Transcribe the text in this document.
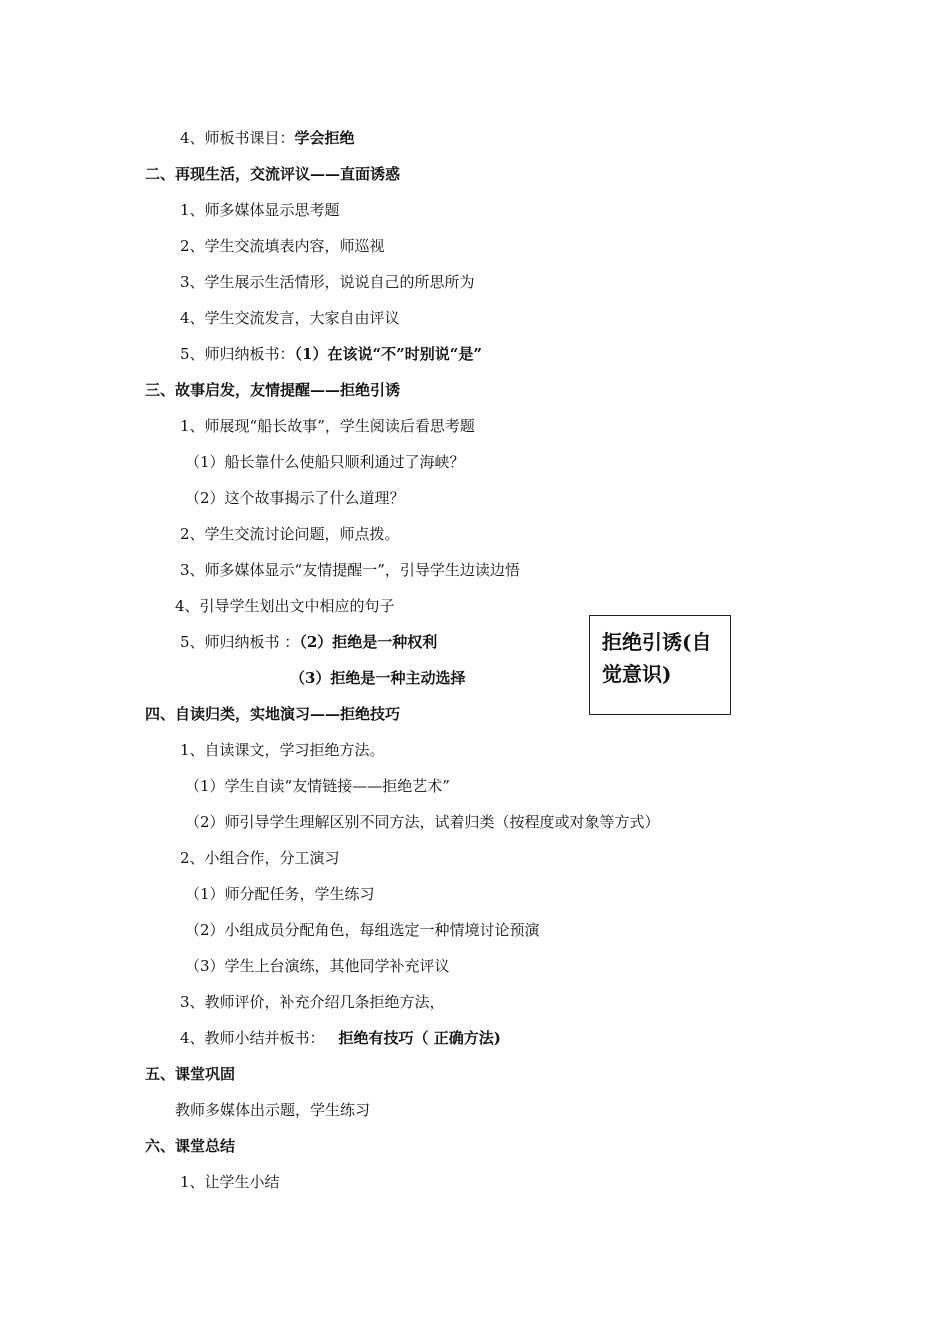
4、师板书课目：学会拒绝
二、再现生活，交流评议——直面诱惑
1、师多媒体显示思考题
2、学生交流填表内容，师巡视
3、学生展示生活情形，说说自己的所思所为
4、学生交流发言，大家自由评议
5、师归纳板书：（1）在该说“不”时别说“是”
三、故事启发，友情提醒——拒绝引诱
1、师展现“船长故事”，学生阅读后看思考题
（1）船长靠什么使船只顺利通过了海峡？
（2）这个故事揭示了什么道理？
2、学生交流讨论问题，师点拨。
3、师多媒体显示“友情提醒一”，引导学生边读边悟
4、引导学生划出文中相应的句子
5、师归纳板书 ：（2）拒绝是一种权利
（3）拒绝是一种主动选择
四、自读归类，实地演习——拒绝技巧
1、自读课文，学习拒绝方法。
（1）学生自读“友情链接——拒绝艺术”
（2）师引导学生理解区别不同方法，试着归类（按程度或对象等方式）
2、小组合作，分工演习
（1）师分配任务，学生练习
（2）小组成员分配角色，每组选定一种情境讨论预演
（3）学生上台演练，其他同学补充评议
3、教师评价，补充介绍几条拒绝方法，
4、教师小结并板书： 拒绝有技巧（ 正确方法)
五、课堂巩固
教师多媒体出示题，学生练习
六、课堂总结
1、让学生小结
拒绝引诱(自觉意识)
